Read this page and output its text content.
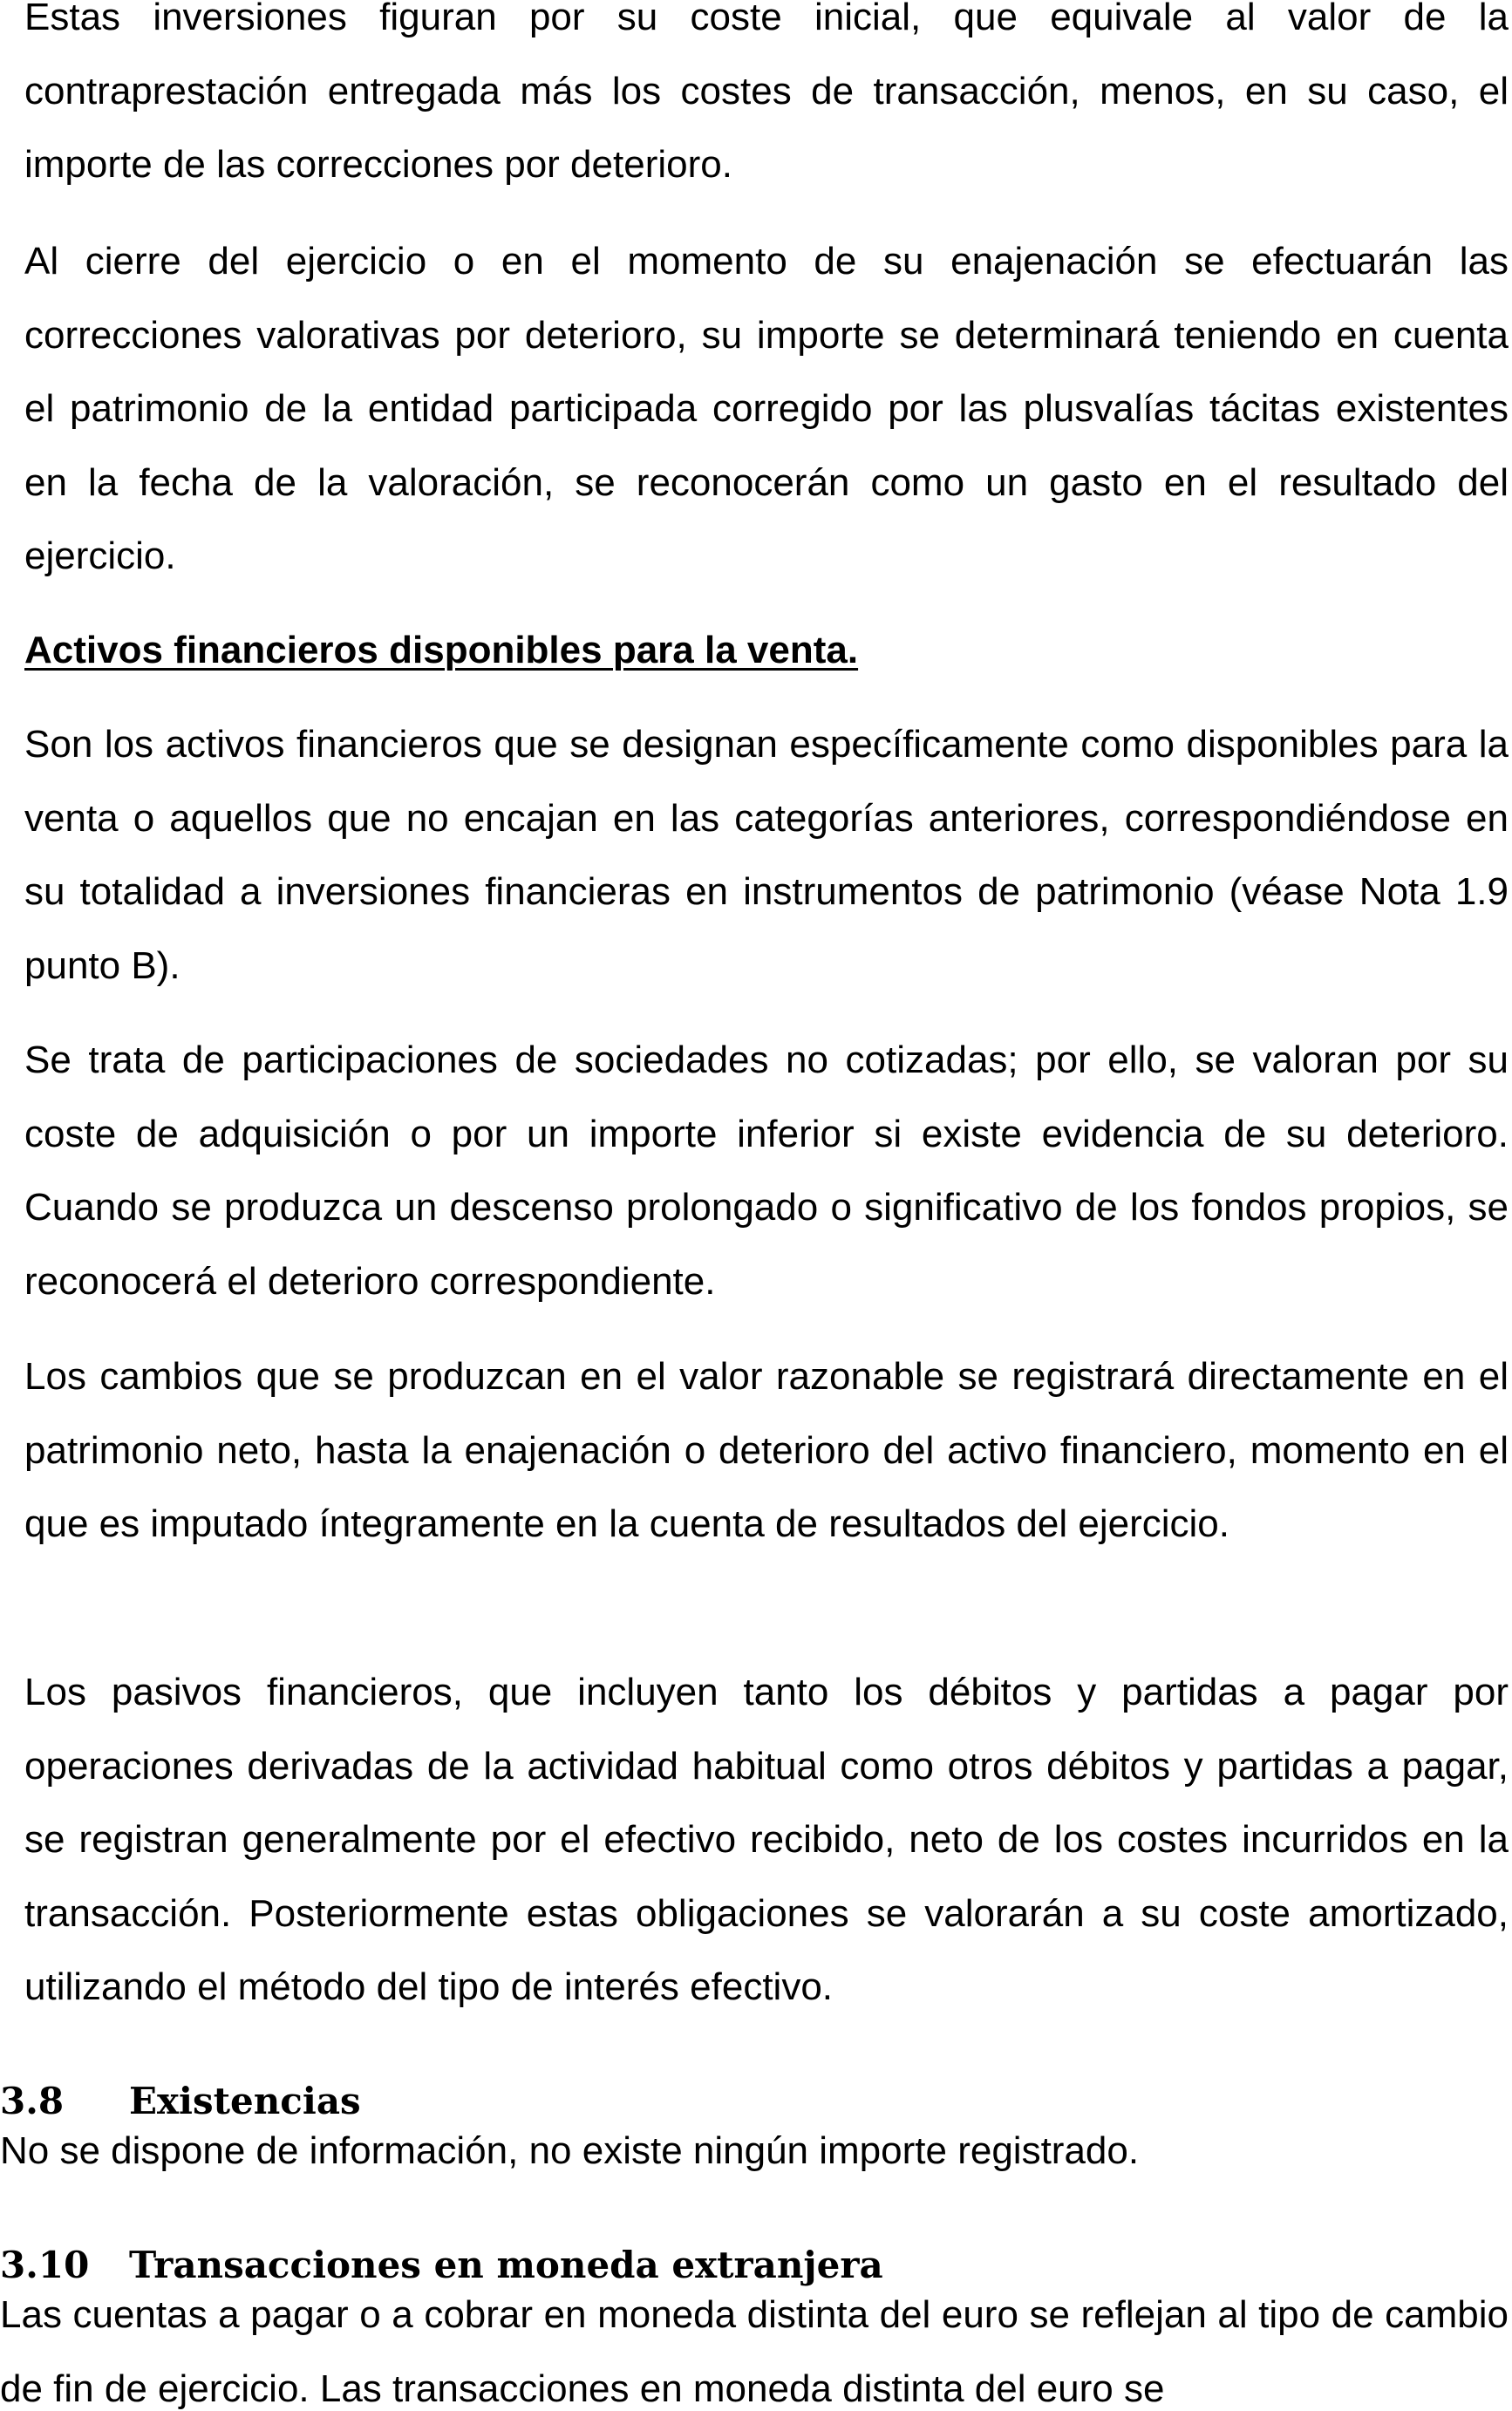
Estas inversiones figuran por su coste inicial, que equivale al valor de la contraprestación entregada más los costes de transacción, menos, en su caso, el importe de las correcciones por deterioro.

Al cierre del ejercicio o en el momento de su enajenación se efectuarán las correcciones valorativas por deterioro, su importe se determinará teniendo en cuenta el patrimonio de la entidad participada corregido por las plusvalías tácitas existentes en la fecha de la valoración, se reconocerán como un gasto en el resultado del ejercicio.

Activos financieros disponibles para la venta.

Son los activos financieros que se designan específicamente como disponibles para la venta o aquellos que no encajan en las categorías anteriores, correspondiéndose en su totalidad a inversiones financieras en instrumentos de patrimonio (véase Nota 1.9 punto B).

Se trata de participaciones de sociedades no cotizadas; por ello, se valoran por su coste de adquisición o por un importe inferior si existe evidencia de su deterioro. Cuando se produzca un descenso prolongado o significativo de los fondos propios, se reconocerá el deterioro correspondiente.

Los cambios que se produzcan en el valor razonable se registrará directamente en el patrimonio neto, hasta la enajenación o deterioro del activo financiero, momento en el que es imputado íntegramente en la cuenta de resultados del ejercicio.

Los pasivos financieros, que incluyen tanto los débitos y partidas a pagar por operaciones derivadas de la actividad habitual como otros débitos y partidas a pagar, se registran generalmente por el efectivo recibido, neto de los costes incurridos en la transacción. Posteriormente estas obligaciones se valorarán a su coste amortizado, utilizando el método del tipo de interés efectivo.

3.8 Existencias

No se dispone de información, no existe ningún importe registrado.

3.10 Transacciones en moneda extranjera

Las cuentas a pagar o a cobrar en moneda distinta del euro se reflejan al tipo de cambio de fin de ejercicio. Las transacciones en moneda distinta del euro se
